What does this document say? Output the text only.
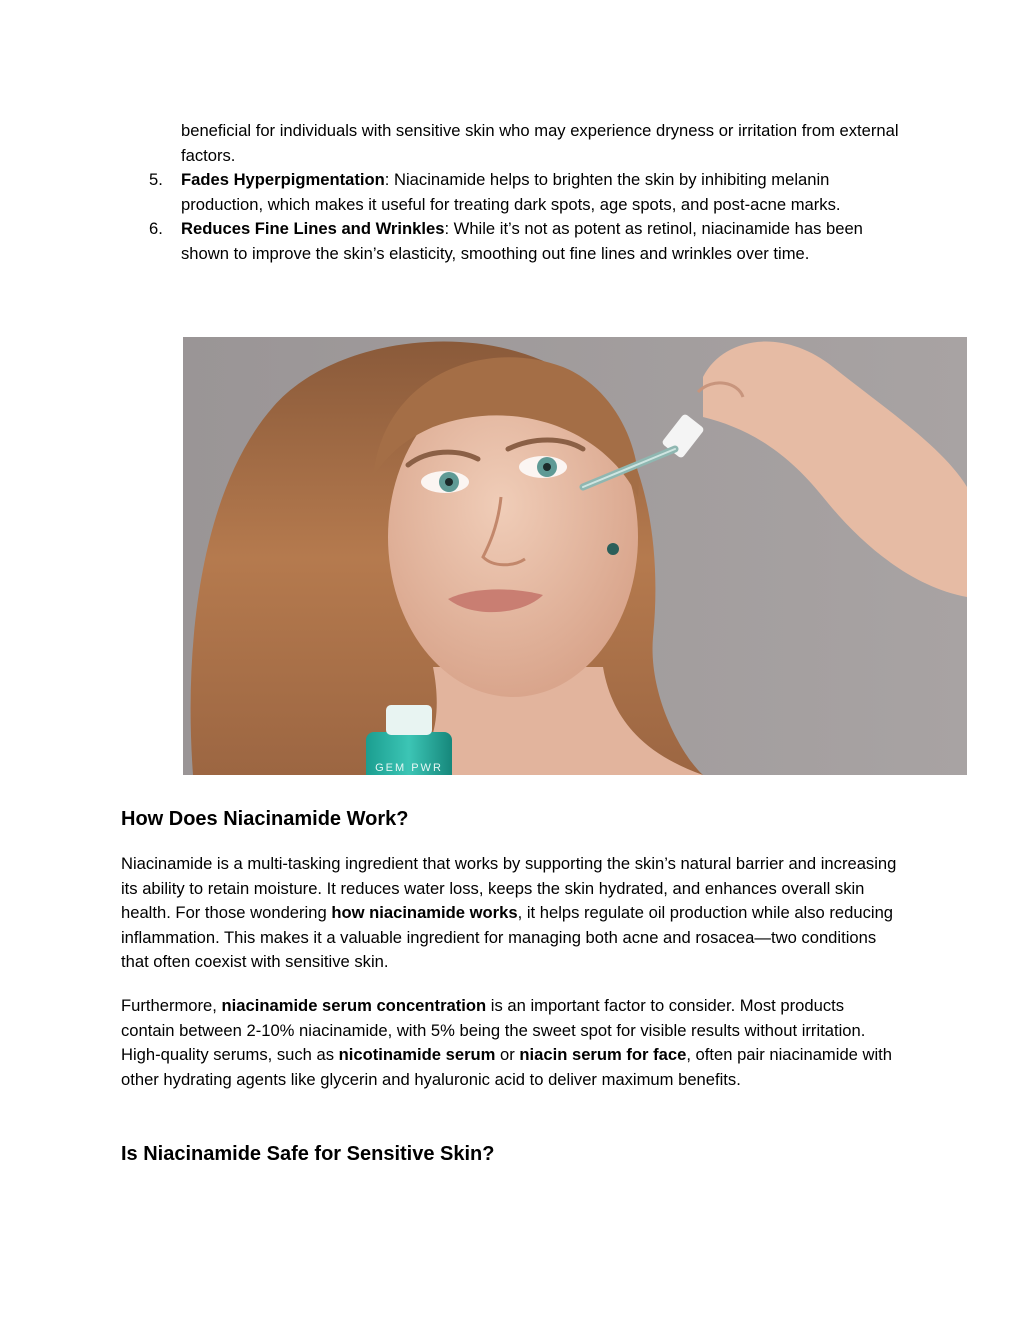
beneficial for individuals with sensitive skin who may experience dryness or irritation from external factors.
5. Fades Hyperpigmentation: Niacinamide helps to brighten the skin by inhibiting melanin production, which makes it useful for treating dark spots, age spots, and post-acne marks.
6. Reduces Fine Lines and Wrinkles: While it’s not as potent as retinol, niacinamide has been shown to improve the skin’s elasticity, smoothing out fine lines and wrinkles over time.
GEM PWR
How Does Niacinamide Work?

Niacinamide is a multi-tasking ingredient that works by supporting the skin’s natural barrier and increasing its ability to retain moisture. It reduces water loss, keeps the skin hydrated, and enhances overall skin health. For those wondering how niacinamide works, it helps regulate oil production while also reducing inflammation. This makes it a valuable ingredient for managing both acne and rosacea—two conditions that often coexist with sensitive skin.

Furthermore, niacinamide serum concentration is an important factor to consider. Most products contain between 2-10% niacinamide, with 5% being the sweet spot for visible results without irritation. High-quality serums, such as nicotinamide serum or niacin serum for face, often pair niacinamide with other hydrating agents like glycerin and hyaluronic acid to deliver maximum benefits.

Is Niacinamide Safe for Sensitive Skin?
